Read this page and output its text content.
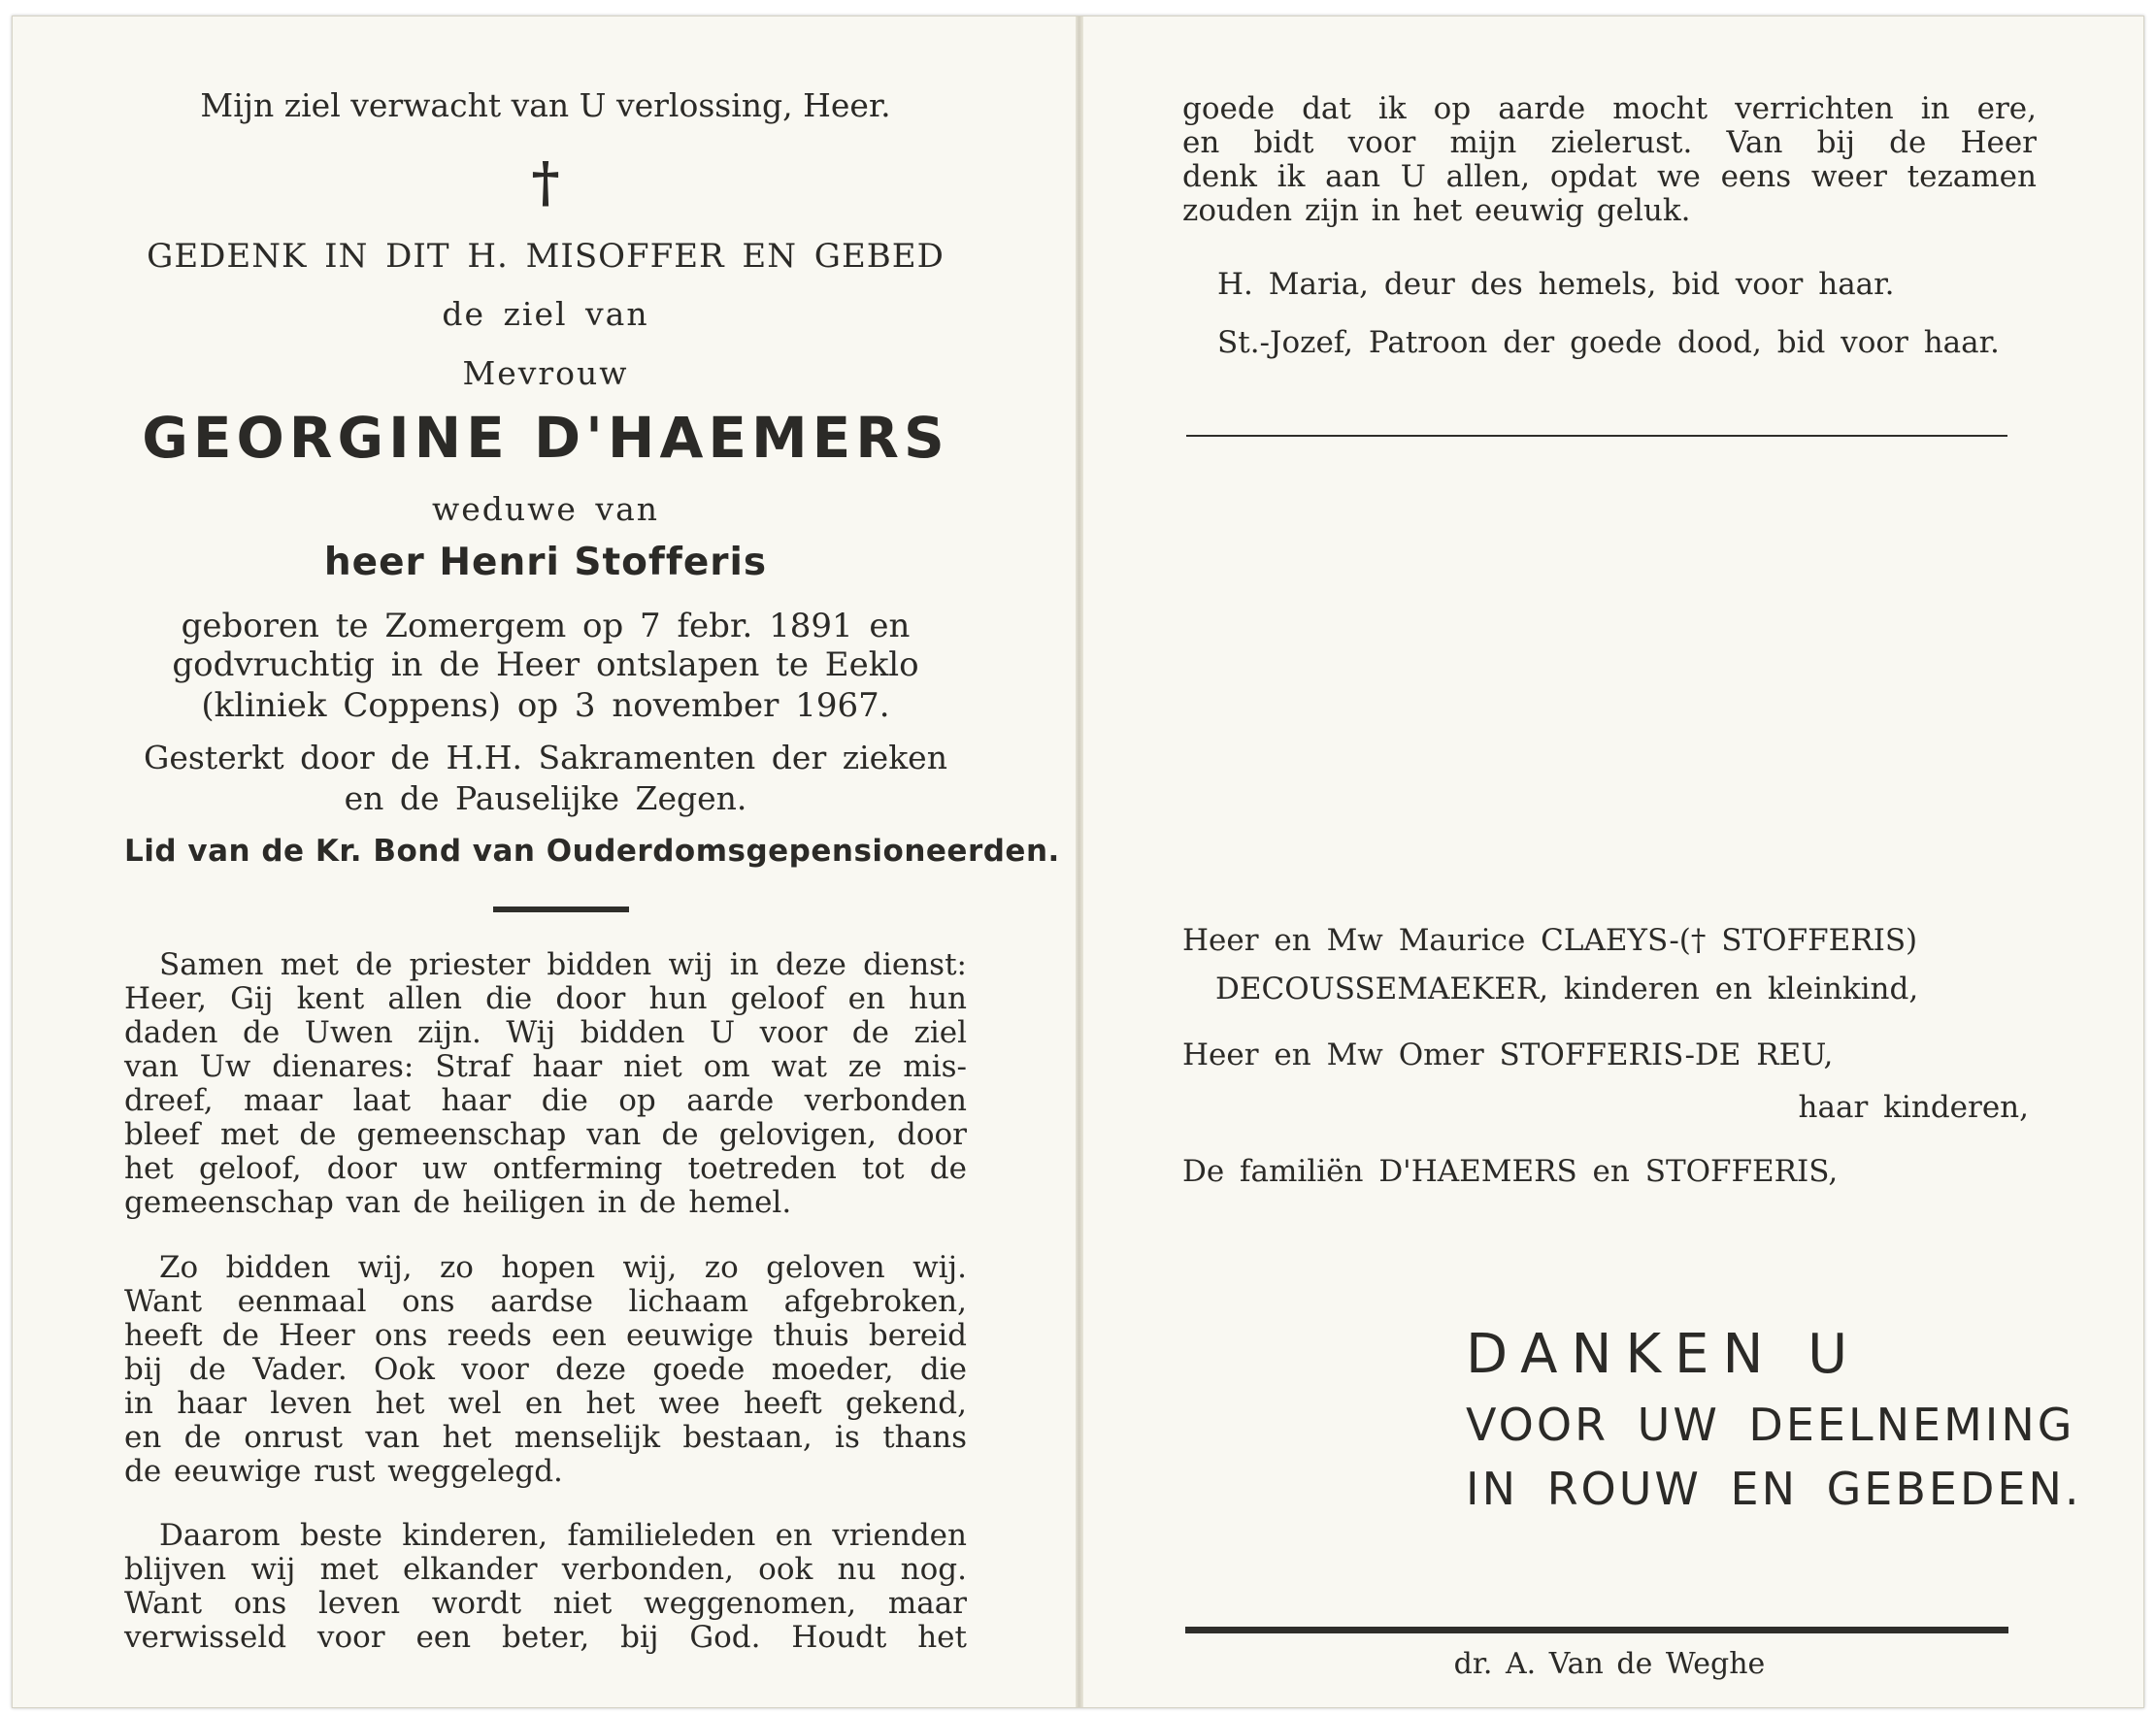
Mijn ziel verwacht van U verlossing, Heer.
†
GEDENK IN DIT H. MISOFFER EN GEBED
de ziel van
Mevrouw
GEORGINE D'HAEMERS
weduwe van
heer Henri Stofferis
geboren te Zomergem op 7 febr. 1891 en
godvruchtig in de Heer ontslapen te Eeklo
(kliniek Coppens) op 3 november 1967.
Gesterkt door de H.H. Sakramenten der zieken
en de Pauselijke Zegen.
Lid van de Kr. Bond van Ouderdomsgepensioneerden.
Samen met de priester bidden wij in deze dienst:
Heer, Gij kent allen die door hun geloof en hun
daden de Uwen zijn. Wij bidden U voor de ziel
van Uw dienares: Straf haar niet om wat ze mis-
dreef, maar laat haar die op aarde verbonden
bleef met de gemeenschap van de gelovigen, door
het geloof, door uw ontferming toetreden tot de
gemeenschap van de heiligen in de hemel.
Zo bidden wij, zo hopen wij, zo geloven wij.
Want eenmaal ons aardse lichaam afgebroken,
heeft de Heer ons reeds een eeuwige thuis bereid
bij de Vader. Ook voor deze goede moeder, die
in haar leven het wel en het wee heeft gekend,
en de onrust van het menselijk bestaan, is thans
de eeuwige rust weggelegd.
Daarom beste kinderen, familieleden en vrienden
blijven wij met elkander verbonden, ook nu nog.
Want ons leven wordt niet weggenomen, maar
verwisseld voor een beter, bij God. Houdt het
goede dat ik op aarde mocht verrichten in ere,
en bidt voor mijn zielerust. Van bij de Heer
denk ik aan U allen, opdat we eens weer tezamen
zouden zijn in het eeuwig geluk.
H. Maria, deur des hemels, bid voor haar.
St.-Jozef, Patroon der goede dood, bid voor haar.
Heer en Mw Maurice CLAEYS-(† STOFFERIS)
DECOUSSEMAEKER, kinderen en kleinkind,
Heer en Mw Omer STOFFERIS-DE REU,
haar kinderen,
De familiën D'HAEMERS en STOFFERIS,
DANKEN U
VOOR UW DEELNEMING
IN ROUW EN GEBEDEN.
dr. A. Van de Weghe
